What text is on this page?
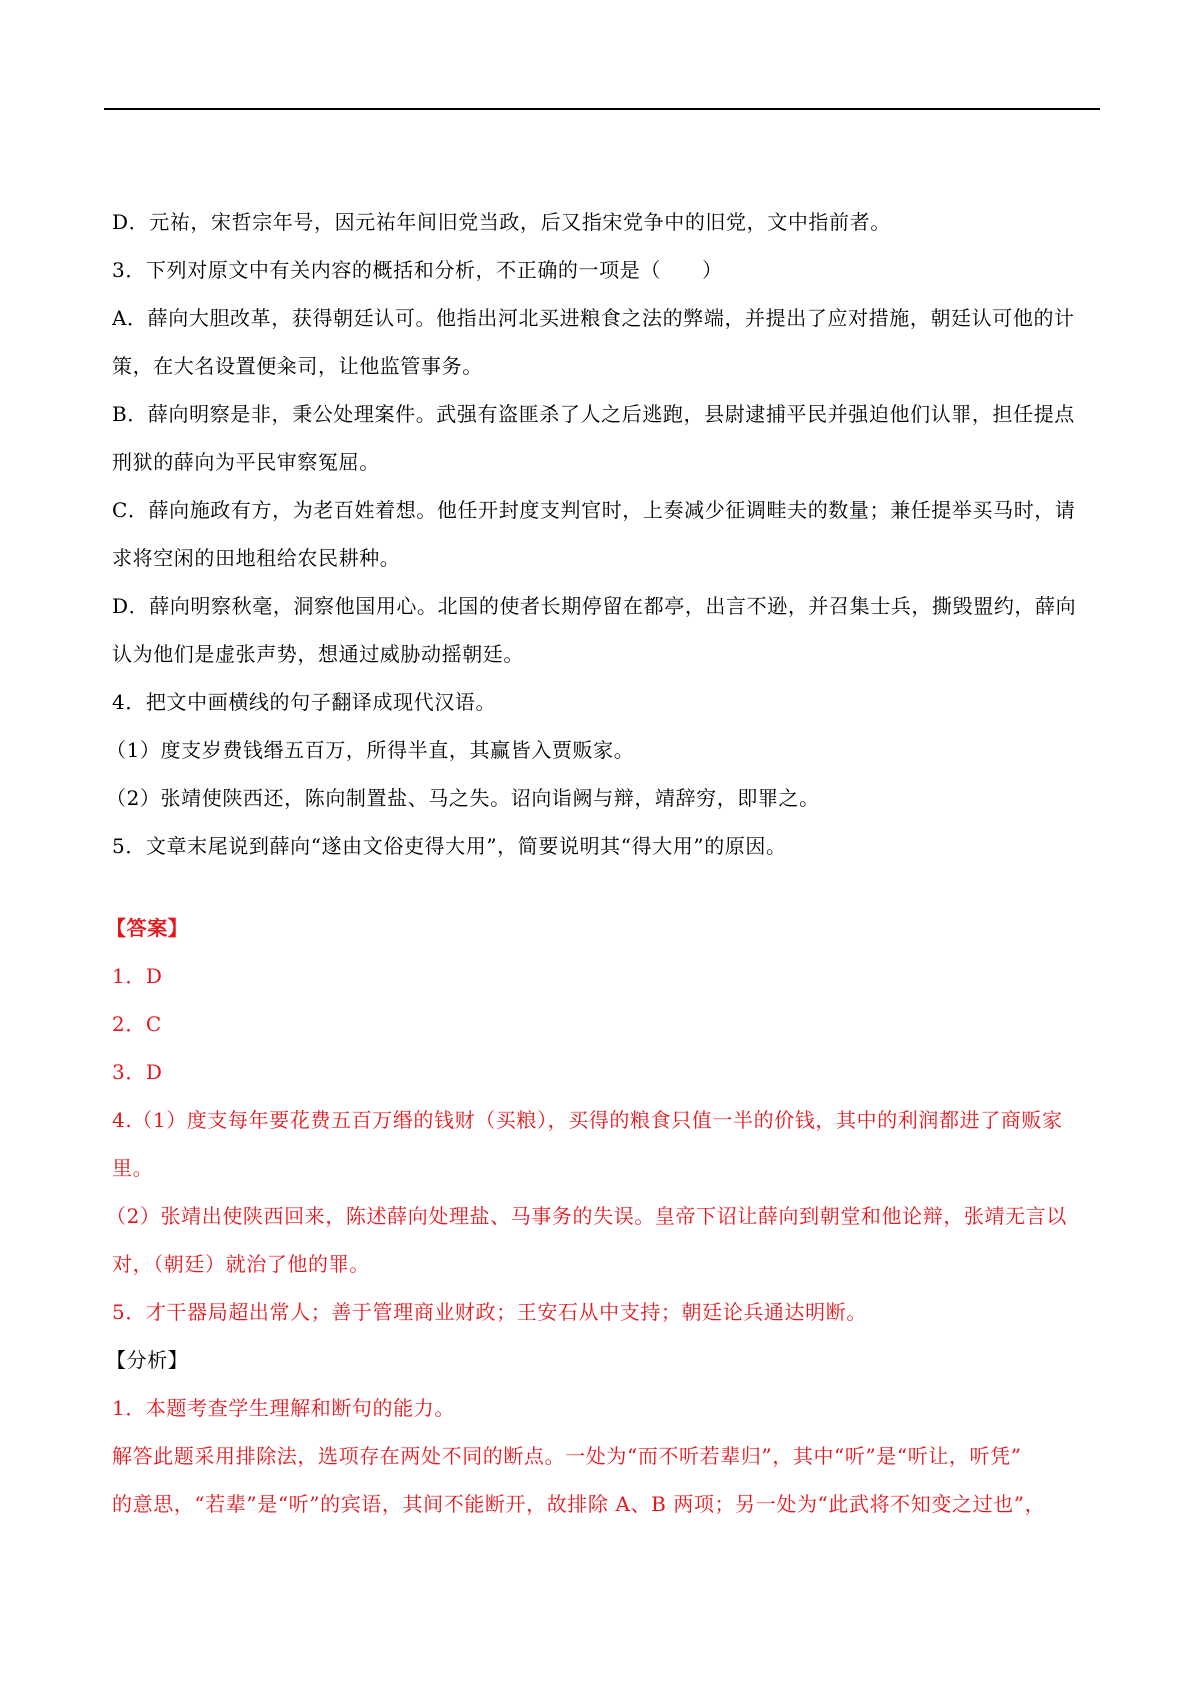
D．元祐，宋哲宗年号，因元祐年间旧党当政，后又指宋党争中的旧党，文中指前者。
3．下列对原文中有关内容的概括和分析，不正确的一项是（　　）
A．薛向大胆改革，获得朝廷认可。他指出河北买进粮食之法的弊端，并提出了应对措施，朝廷认可他的计
策，在大名设置便籴司，让他监管事务。
B．薛向明察是非，秉公处理案件。武强有盗匪杀了人之后逃跑，县尉逮捕平民并强迫他们认罪，担任提点
刑狱的薛向为平民审察冤屈。
C．薛向施政有方，为老百姓着想。他任开封度支判官时，上奏减少征调畦夫的数量；兼任提举买马时，请
求将空闲的田地租给农民耕种。
D．薛向明察秋毫，洞察他国用心。北国的使者长期停留在都亭，出言不逊，并召集士兵，撕毁盟约，薛向
认为他们是虚张声势，想通过威胁动摇朝廷。
4．把文中画横线的句子翻译成现代汉语。
（1）度支岁费钱缗五百万，所得半直，其赢皆入贾贩家。
（2）张靖使陕西还，陈向制置盐、马之失。诏向诣阙与辩，靖辞穷，即罪之。
5．文章末尾说到薛向“遂由文俗吏得大用”，简要说明其“得大用”的原因。
【答案】
1．D
2．C
3．D
4.（1）度支每年要花费五百万缗的钱财（买粮），买得的粮食只值一半的价钱，其中的利润都进了商贩家
里。
（2）张靖出使陕西回来，陈述薛向处理盐、马事务的失误。皇帝下诏让薛向到朝堂和他论辩，张靖无言以
对，（朝廷）就治了他的罪。
5．才干器局超出常人；善于管理商业财政；王安石从中支持；朝廷论兵通达明断。
【分析】
1．本题考查学生理解和断句的能力。
解答此题采用排除法，选项存在两处不同的断点。一处为“而不听若辈归”，其中“听”是“听让，听凭”
的意思，“若辈”是“听”的宾语，其间不能断开，故排除 A、B 两项；另一处为“此武将不知变之过也”，
